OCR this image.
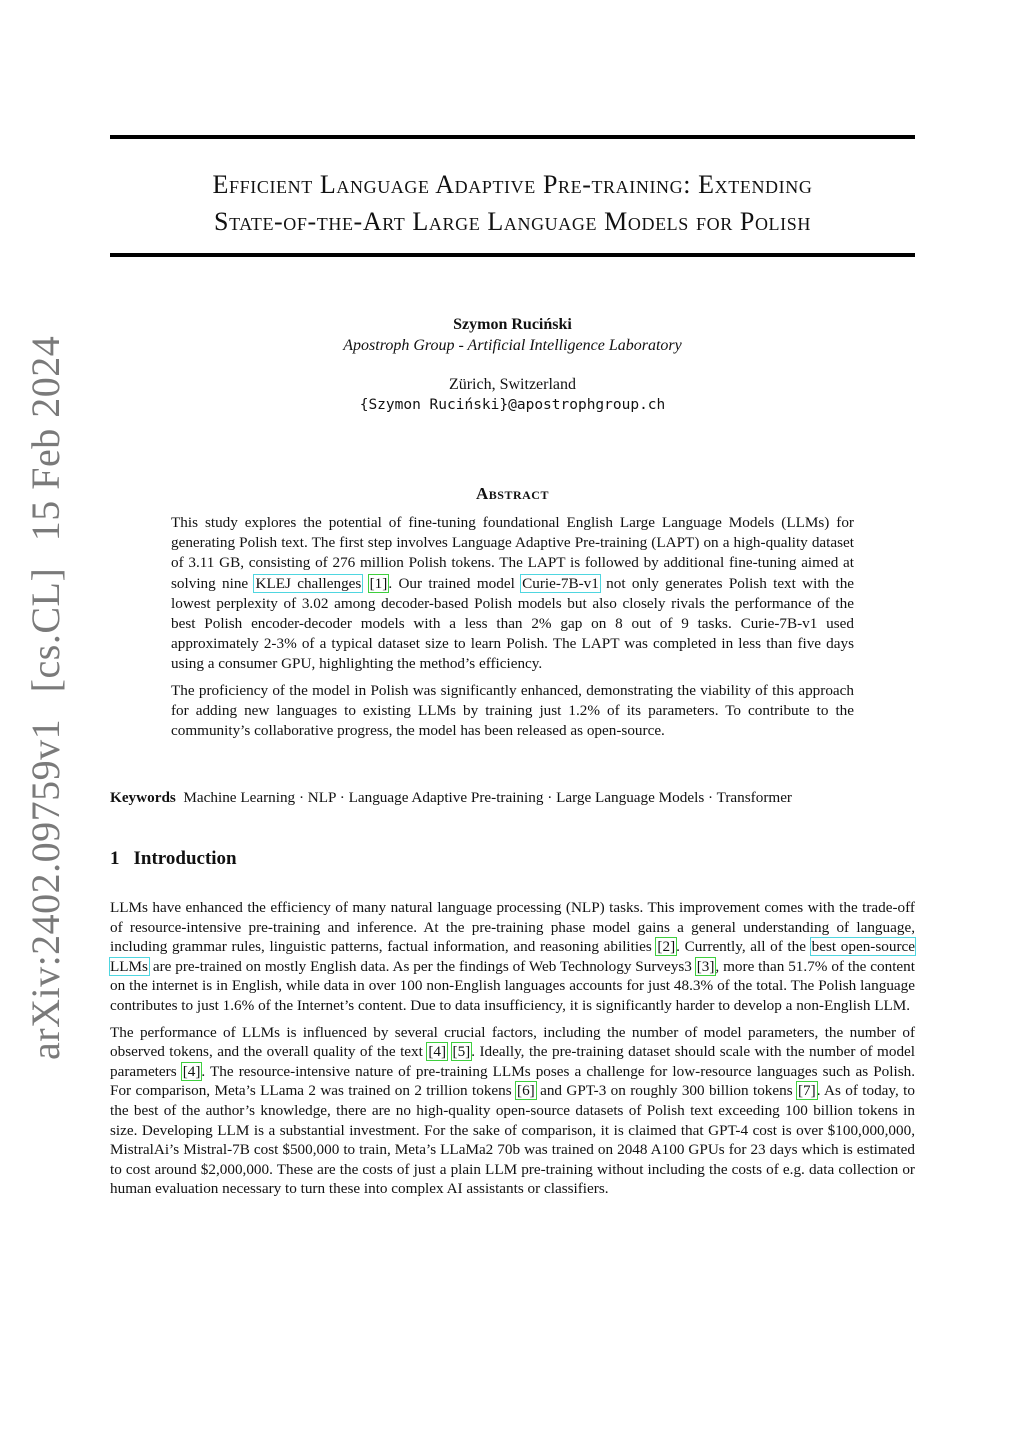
arXiv:2402.09759v1 [cs.CL] 15 Feb 2024
Efficient Language Adaptive Pre-training: Extending
State-of-the-Art Large Language Models for Polish
Szymon Ruciński
Apostroph Group - Artificial Intelligence Laboratory
Zürich, Switzerland
{Szymon Ruciński}@apostrophgroup.ch
Abstract

This study explores the potential of fine-tuning foundational English Large Language Models (LLMs) for generating Polish text. The first step involves Language Adaptive Pre-training (LAPT) on a high-quality dataset of 3.11 GB, consisting of 276 million Polish tokens. The LAPT is followed by additional fine-tuning aimed at solving nine KLEJ challenges [1]. Our trained model Curie-7B-v1 not only generates Polish text with the lowest perplexity of 3.02 among decoder-based Polish models but also closely rivals the performance of the best Polish encoder-decoder models with a less than 2% gap on 8 out of 9 tasks. Curie-7B-v1 used approximately 2-3% of a typical dataset size to learn Polish. The LAPT was completed in less than five days using a consumer GPU, highlighting the method’s efficiency.

The proficiency of the model in Polish was significantly enhanced, demonstrating the viability of this approach for adding new languages to existing LLMs by training just 1.2% of its parameters. To contribute to the community’s collaborative progress, the model has been released as open-source.

Keywords Machine Learning · NLP · Language Adaptive Pre-training · Large Language Models · Transformer
1 Introduction

LLMs have enhanced the efficiency of many natural language processing (NLP) tasks. This improvement comes with the trade-off of resource-intensive pre-training and inference. At the pre-training phase model gains a general understanding of language, including grammar rules, linguistic patterns, factual information, and reasoning abilities [2]. Currently, all of the best open-source LLMs are pre-trained on mostly English data. As per the findings of Web Technology Surveys3 [3], more than 51.7% of the content on the internet is in English, while data in over 100 non-English languages accounts for just 48.3% of the total. The Polish language contributes to just 1.6% of the Internet’s content. Due to data insufficiency, it is significantly harder to develop a non-English LLM.

The performance of LLMs is influenced by several crucial factors, including the number of model parameters, the number of observed tokens, and the overall quality of the text [4] [5]. Ideally, the pre-training dataset should scale with the number of model parameters [4]. The resource-intensive nature of pre-training LLMs poses a challenge for low-resource languages such as Polish. For comparison, Meta’s LLama 2 was trained on 2 trillion tokens [6] and GPT-3 on roughly 300 billion tokens [7]. As of today, to the best of the author’s knowledge, there are no high-quality open-source datasets of Polish text exceeding 100 billion tokens in size. Developing LLM is a substantial investment. For the sake of comparison, it is claimed that GPT-4 cost is over $100,000,000, MistralAi’s Mistral-7B cost $500,000 to train, Meta’s LLaMa2 70b was trained on 2048 A100 GPUs for 23 days which is estimated to cost around $2,000,000. These are the costs of just a plain LLM pre-training without including the costs of e.g. data collection or human evaluation necessary to turn these into complex AI assistants or classifiers.
